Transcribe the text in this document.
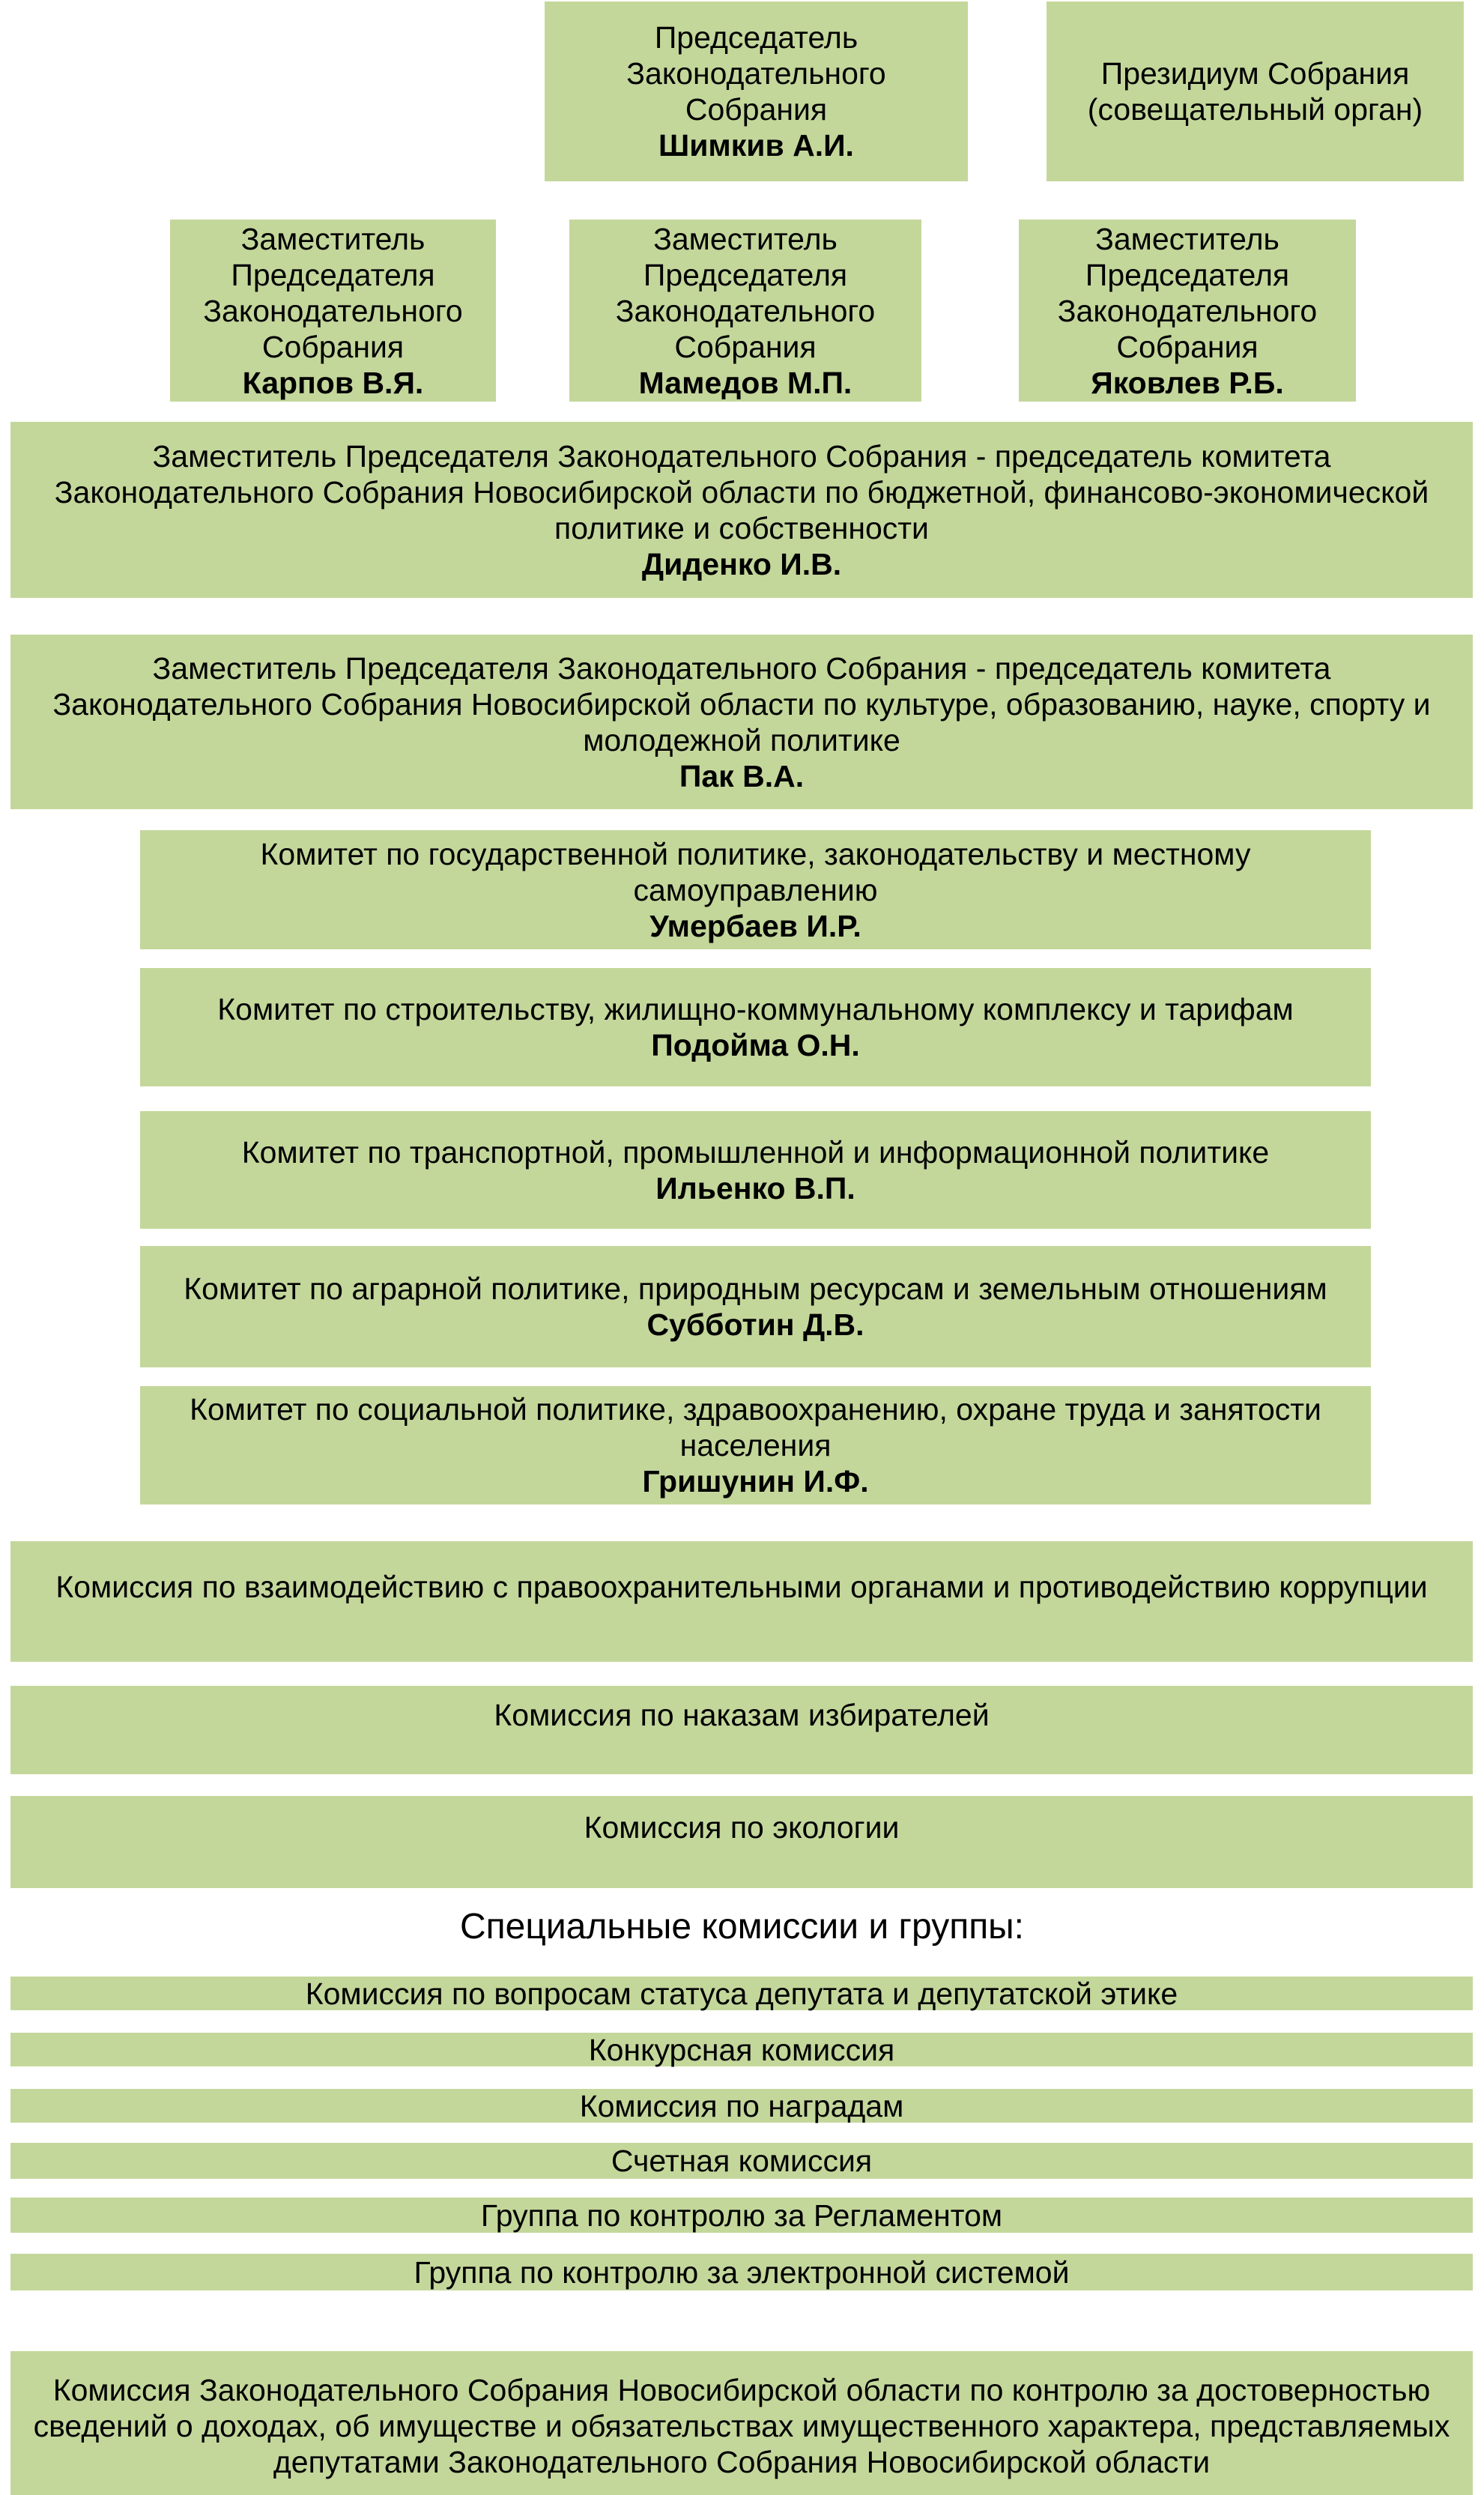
Председатель Законодательного Собрания
Шимкив А.И.
Президиум Собрания (совещательный орган)
Заместитель Председателя Законодательного Собрания
Карпов В.Я.
Заместитель Председателя Законодательного Собрания
Мамедов М.П.
Заместитель Председателя Законодательного Собрания
Яковлев Р.Б.
Заместитель Председателя Законодательного Собрания - председатель комитета Законодательного Собрания Новосибирской области по бюджетной, финансово-экономической политике и собственности
Диденко И.В.
Заместитель Председателя Законодательного Собрания - председатель комитета Законодательного Собрания Новосибирской области по культуре, образованию, науке, спорту и молодежной политике
Пак В.А.
Комитет по государственной политике, законодательству и местному самоуправлению
Умербаев И.Р.
Комитет по строительству, жилищно-коммунальному комплексу и тарифам
Подойма О.Н.
Комитет по транспортной, промышленной и информационной политике
Ильенко В.П.
Комитет по аграрной политике, природным ресурсам и земельным отношениям
Субботин Д.В.
Комитет по социальной политике, здравоохранению, охране труда и занятости населения
Гришунин И.Ф.
Комиссия по взаимодействию с правоохранительными органами и противодействию коррупции
Комиссия по наказам избирателей
Комиссия по экологии
Специальные комиссии и группы:
Комиссия по вопросам статуса депутата и депутатской этике
Конкурсная комиссия
Комиссия по наградам
Счетная комиссия
Группа по контролю за Регламентом
Группа по контролю за электронной системой
Комиссия Законодательного Собрания Новосибирской области по контролю за достоверностью сведений о доходах, об имуществе и обязательствах имущественного характера, представляемых депутатами Законодательного Собрания Новосибирской области
